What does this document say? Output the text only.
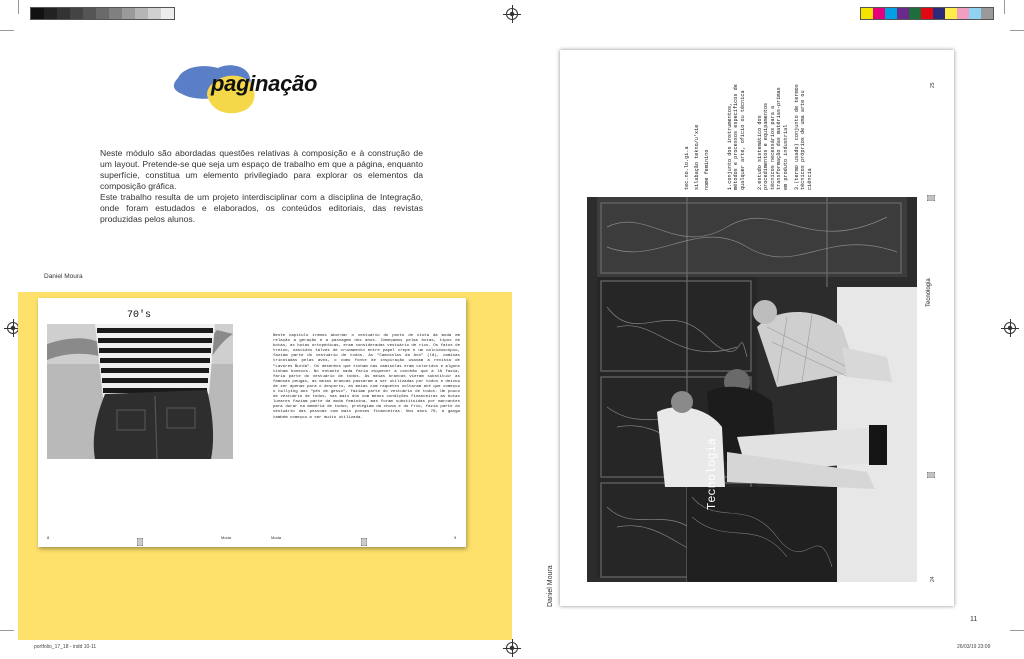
paginação

Neste módulo são abordadas questões relativas à composição e à construção de um layout. Pretende-se que seja um espaço de trabalho em que a página, enquanto superfície, constitua um elemento privilegiado para explorar os elementos da composição gráfica.

Este trabalho resulta de um projeto interdisciplinar com a disciplina de Integração, onde foram estudados e elaborados, os conteúdos editoriais, das revistas produzidas pelos alunos.

Daniel Moura
70's
Neste capítulo iremos abordar o vestuário do ponto de vista da moda em relação a geração e a passagem dos anos. Começamos pelas botas, tipos de botas, as botas ortopédicas, eram consideradas vestuário de rico. Os fatos de treino, nascidos talvez de cruzamento entre papel crepe e um calcidoscópio, faziam parte do vestuário de todos. As "Camisolas da Avó" (lã), camisas tricotadas pelas avós, o como fonte de inspiração usavam a revista de "Lavores Burda". Os desenhos que tinham nas camisolas eram coloridos e alguns tinham bonecos. No entanto nada faria esquecer a conchão que a lã fazia, faria parte do vestuário de todos. As meias brancas vieram substituir as famosas peúgas, as meias brancas passaram a ser utilizadas por todos e deixou de ser apenas para o desporto, as meias com raquetes voltaram até que começou o bullying aos "pés de gesso", faziam parte do vestuário de todos. Um pouco de vestuário de todos, nas mais dos com menos condições financeiras as botas lunares faziam parte da moda feminina, mas foram substituídas por marcantes para durar na memória de todos, protegiam da chuva e do frio, fazia parte do vestuário das pessoas com mais posses financeiras. Nos anos 70, a ganga também começou a ser muito utilizada.
8	Moda	Moda	9
Tecnologia
Daniel Moura
tec.no.lo.gi.a silabação tekno/u'xie nome feminino	1.conjunto dos instrumentos, métodos e processos específicos de qualquer arte, ofício ou técnica 2.estudo sistemático dos procedimentos e equipamentos técnicos necessários para a transformação das matérias-primas em produto industrial 3.(termo usado) conjunto de termos técnicos próprios de uma arte ou ciência
25
Tecnologia
24
11
portfolio_17_18 - indd 10-11	26/03/19 23:09
